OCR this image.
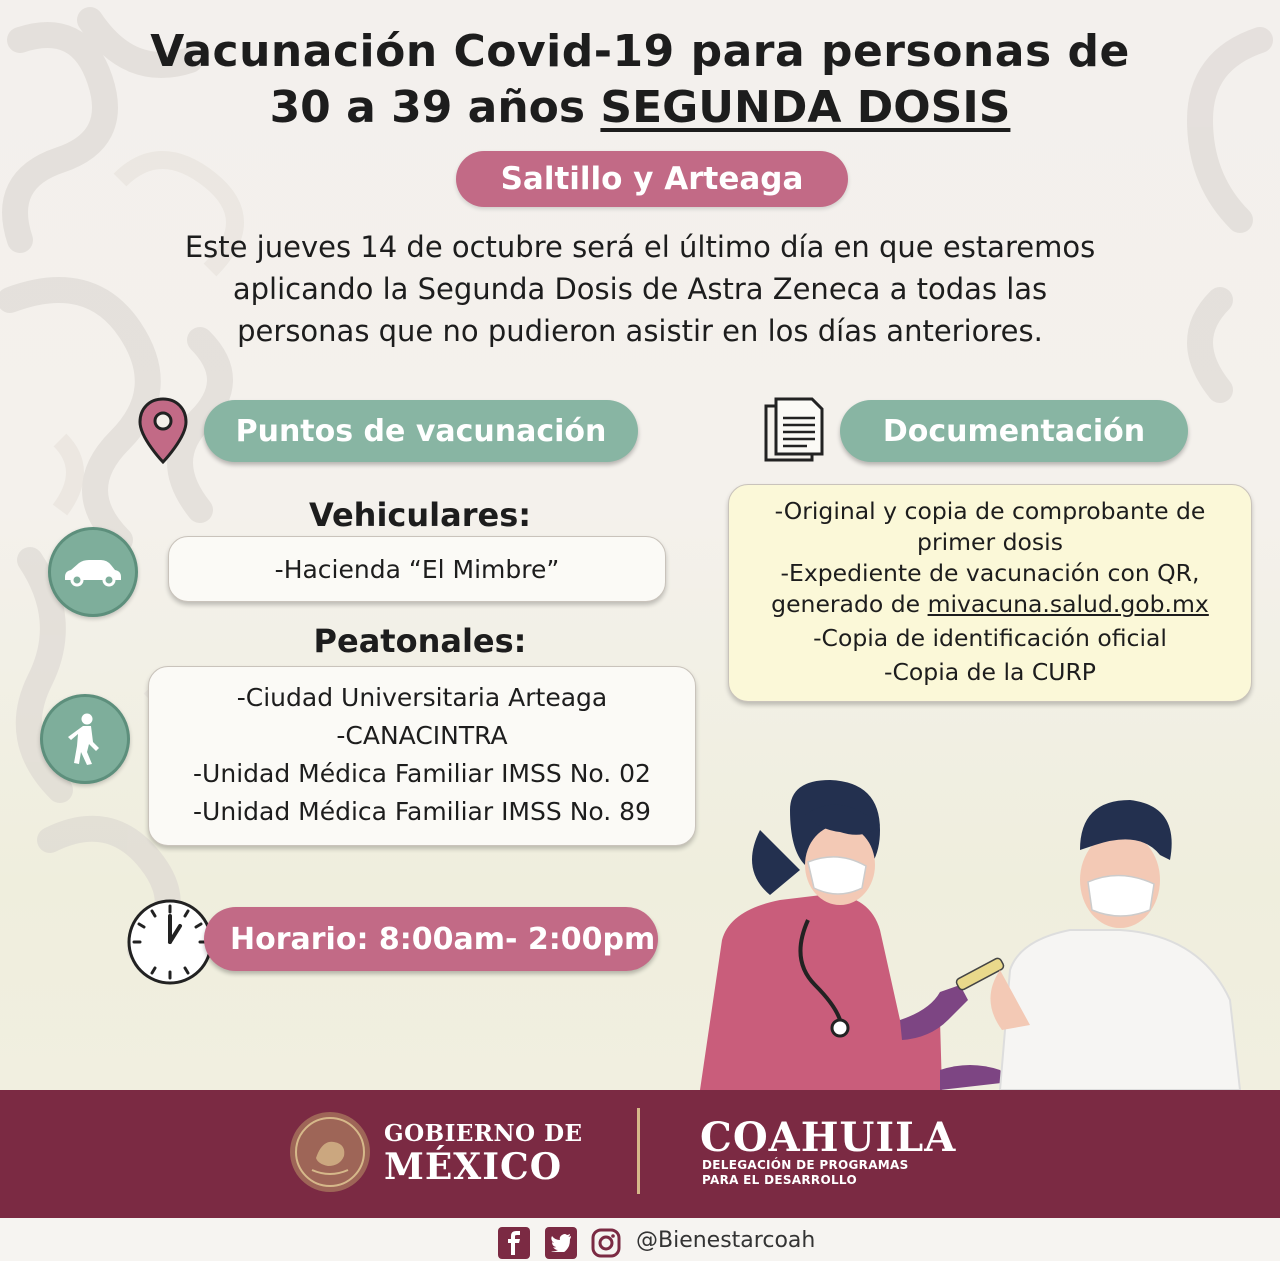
Vacunación Covid-19 para personas de
30 a 39 años SEGUNDA DOSIS
Saltillo y Arteaga
Este jueves 14 de octubre será el último día en que estaremos
aplicando la Segunda Dosis de Astra Zeneca a todas las
personas que no pudieron asistir en los días anteriores.
Puntos de vacunación	Documentación
Vehiculares:
-Hacienda “El Mimbre”
Peatonales:
-Ciudad Universitaria Arteaga
-CANACINTRA
-Unidad Médica Familiar IMSS No. 02
-Unidad Médica Familiar IMSS No. 89
-Original y copia de comprobante de
primer dosis
-Expediente de vacunación con QR,
generado de mivacuna.salud.gob.mx
-Copia de identificación oficial
-Copia de la CURP
Horario: 8:00am- 2:00pm
GOBIERNO DE
MÉXICO
COAHUILA
DELEGACIÓN DE PROGRAMAS
PARA EL DESARROLLO
@Bienestarcoah
